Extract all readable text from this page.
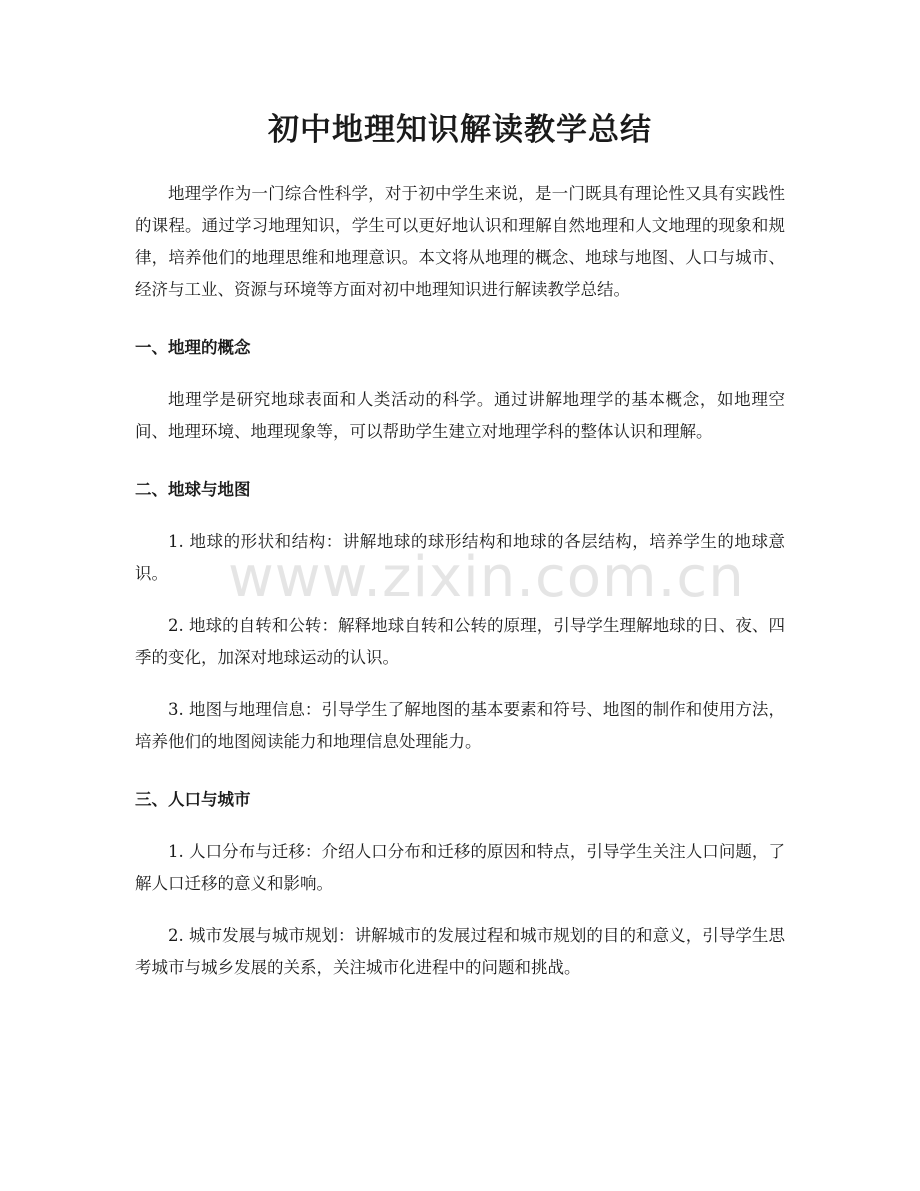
初中地理知识解读教学总结

地理学作为一门综合性科学，对于初中学生来说，是一门既具有理论性又具有实践性的课程。通过学习地理知识，学生可以更好地认识和理解自然地理和人文地理的现象和规律，培养他们的地理思维和地理意识。本文将从地理的概念、地球与地图、人口与城市、经济与工业、资源与环境等方面对初中地理知识进行解读教学总结。

一、地理的概念

地理学是研究地球表面和人类活动的科学。通过讲解地理学的基本概念，如地理空间、地理环境、地理现象等，可以帮助学生建立对地理学科的整体认识和理解。

二、地球与地图

1. 地球的形状和结构：讲解地球的球形结构和地球的各层结构，培养学生的地球意识。

2. 地球的自转和公转：解释地球自转和公转的原理，引导学生理解地球的日、夜、四季的变化，加深对地球运动的认识。

3. 地图与地理信息：引导学生了解地图的基本要素和符号、地图的制作和使用方法，培养他们的地图阅读能力和地理信息处理能力。

三、人口与城市

1. 人口分布与迁移：介绍人口分布和迁移的原因和特点，引导学生关注人口问题，了解人口迁移的意义和影响。

2. 城市发展与城市规划：讲解城市的发展过程和城市规划的目的和意义，引导学生思考城市与城乡发展的关系，关注城市化进程中的问题和挑战。

www.zixin.com.cn
